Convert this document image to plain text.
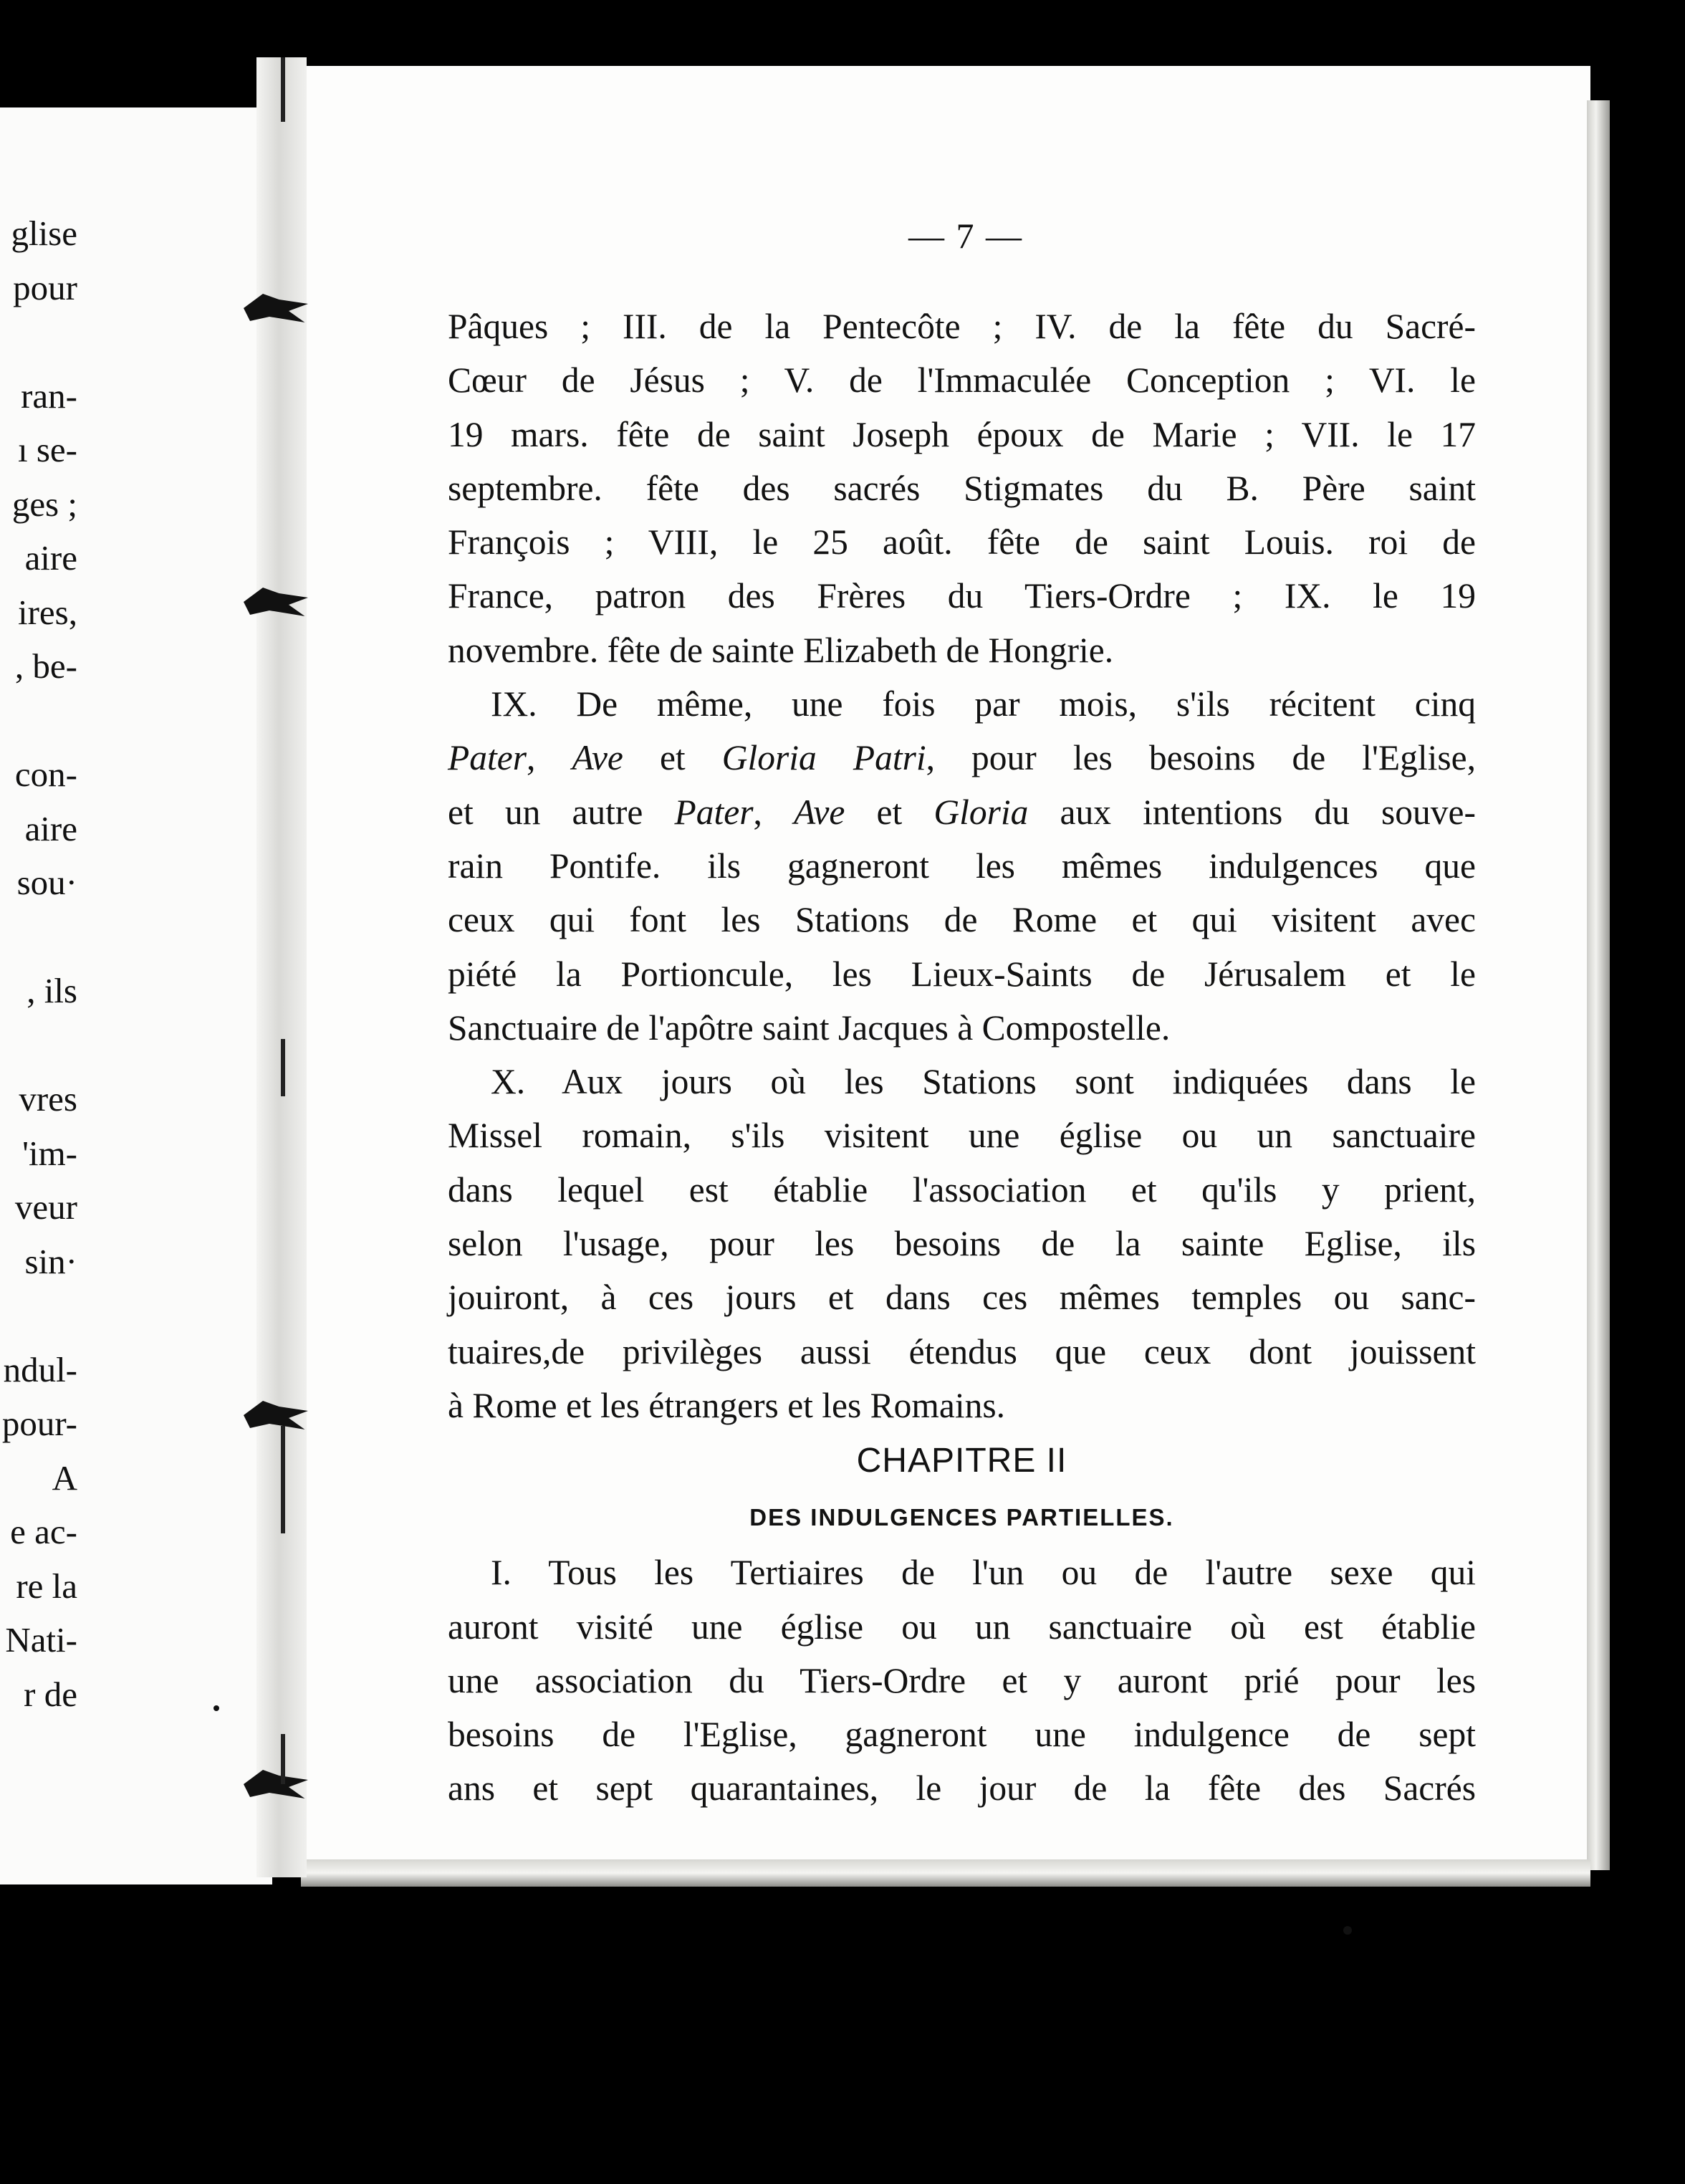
glise
pour
ran-
ı se-
ges ;
aire
ires,
, be-
con-
aire
sou·
, ils
vres
'im-
veur
sin·
ndul-
pour-
A
e ac-
re la
Nati-
r de
— 7 —
Pâques ; III. de la Pentecôte ; IV. de la fête du Sacré-
Cœur de Jésus ; V. de l'Immaculée Conception ; VI. le
19 mars. fête de saint Joseph époux de Marie ; VII. le 17
septembre. fête des sacrés Stigmates du B. Père saint
François ; VIII, le 25 août. fête de saint Louis. roi de
France, patron des Frères du Tiers-Ordre ; IX. le 19
novembre. fête de sainte Elizabeth de Hongrie.
IX. De même, une fois par mois, s'ils récitent cinq
Pater, Ave et Gloria Patri, pour les besoins de l'Eglise,
et un autre Pater, Ave et Gloria aux intentions du souve-
rain Pontife. ils gagneront les mêmes indulgences que
ceux qui font les Stations de Rome et qui visitent avec
piété la Portioncule, les Lieux-Saints de Jérusalem et le
Sanctuaire de l'apôtre saint Jacques à Compostelle.
X. Aux jours où les Stations sont indiquées dans le
Missel romain, s'ils visitent une église ou un sanctuaire
dans lequel est établie l'association et qu'ils y prient,
selon l'usage, pour les besoins de la sainte Eglise, ils
jouiront, à ces jours et dans ces mêmes temples ou sanc-
tuaires,de privilèges aussi étendus que ceux dont jouissent
à Rome et les étrangers et les Romains.
CHAPITRE II
DES INDULGENCES PARTIELLES.
I. Tous les Tertiaires de l'un ou de l'autre sexe qui
auront visité une église ou un sanctuaire où est établie
une association du Tiers-Ordre et y auront prié pour les
besoins de l'Eglise, gagneront une indulgence de sept
ans et sept quarantaines, le jour de la fête des Sacrés
